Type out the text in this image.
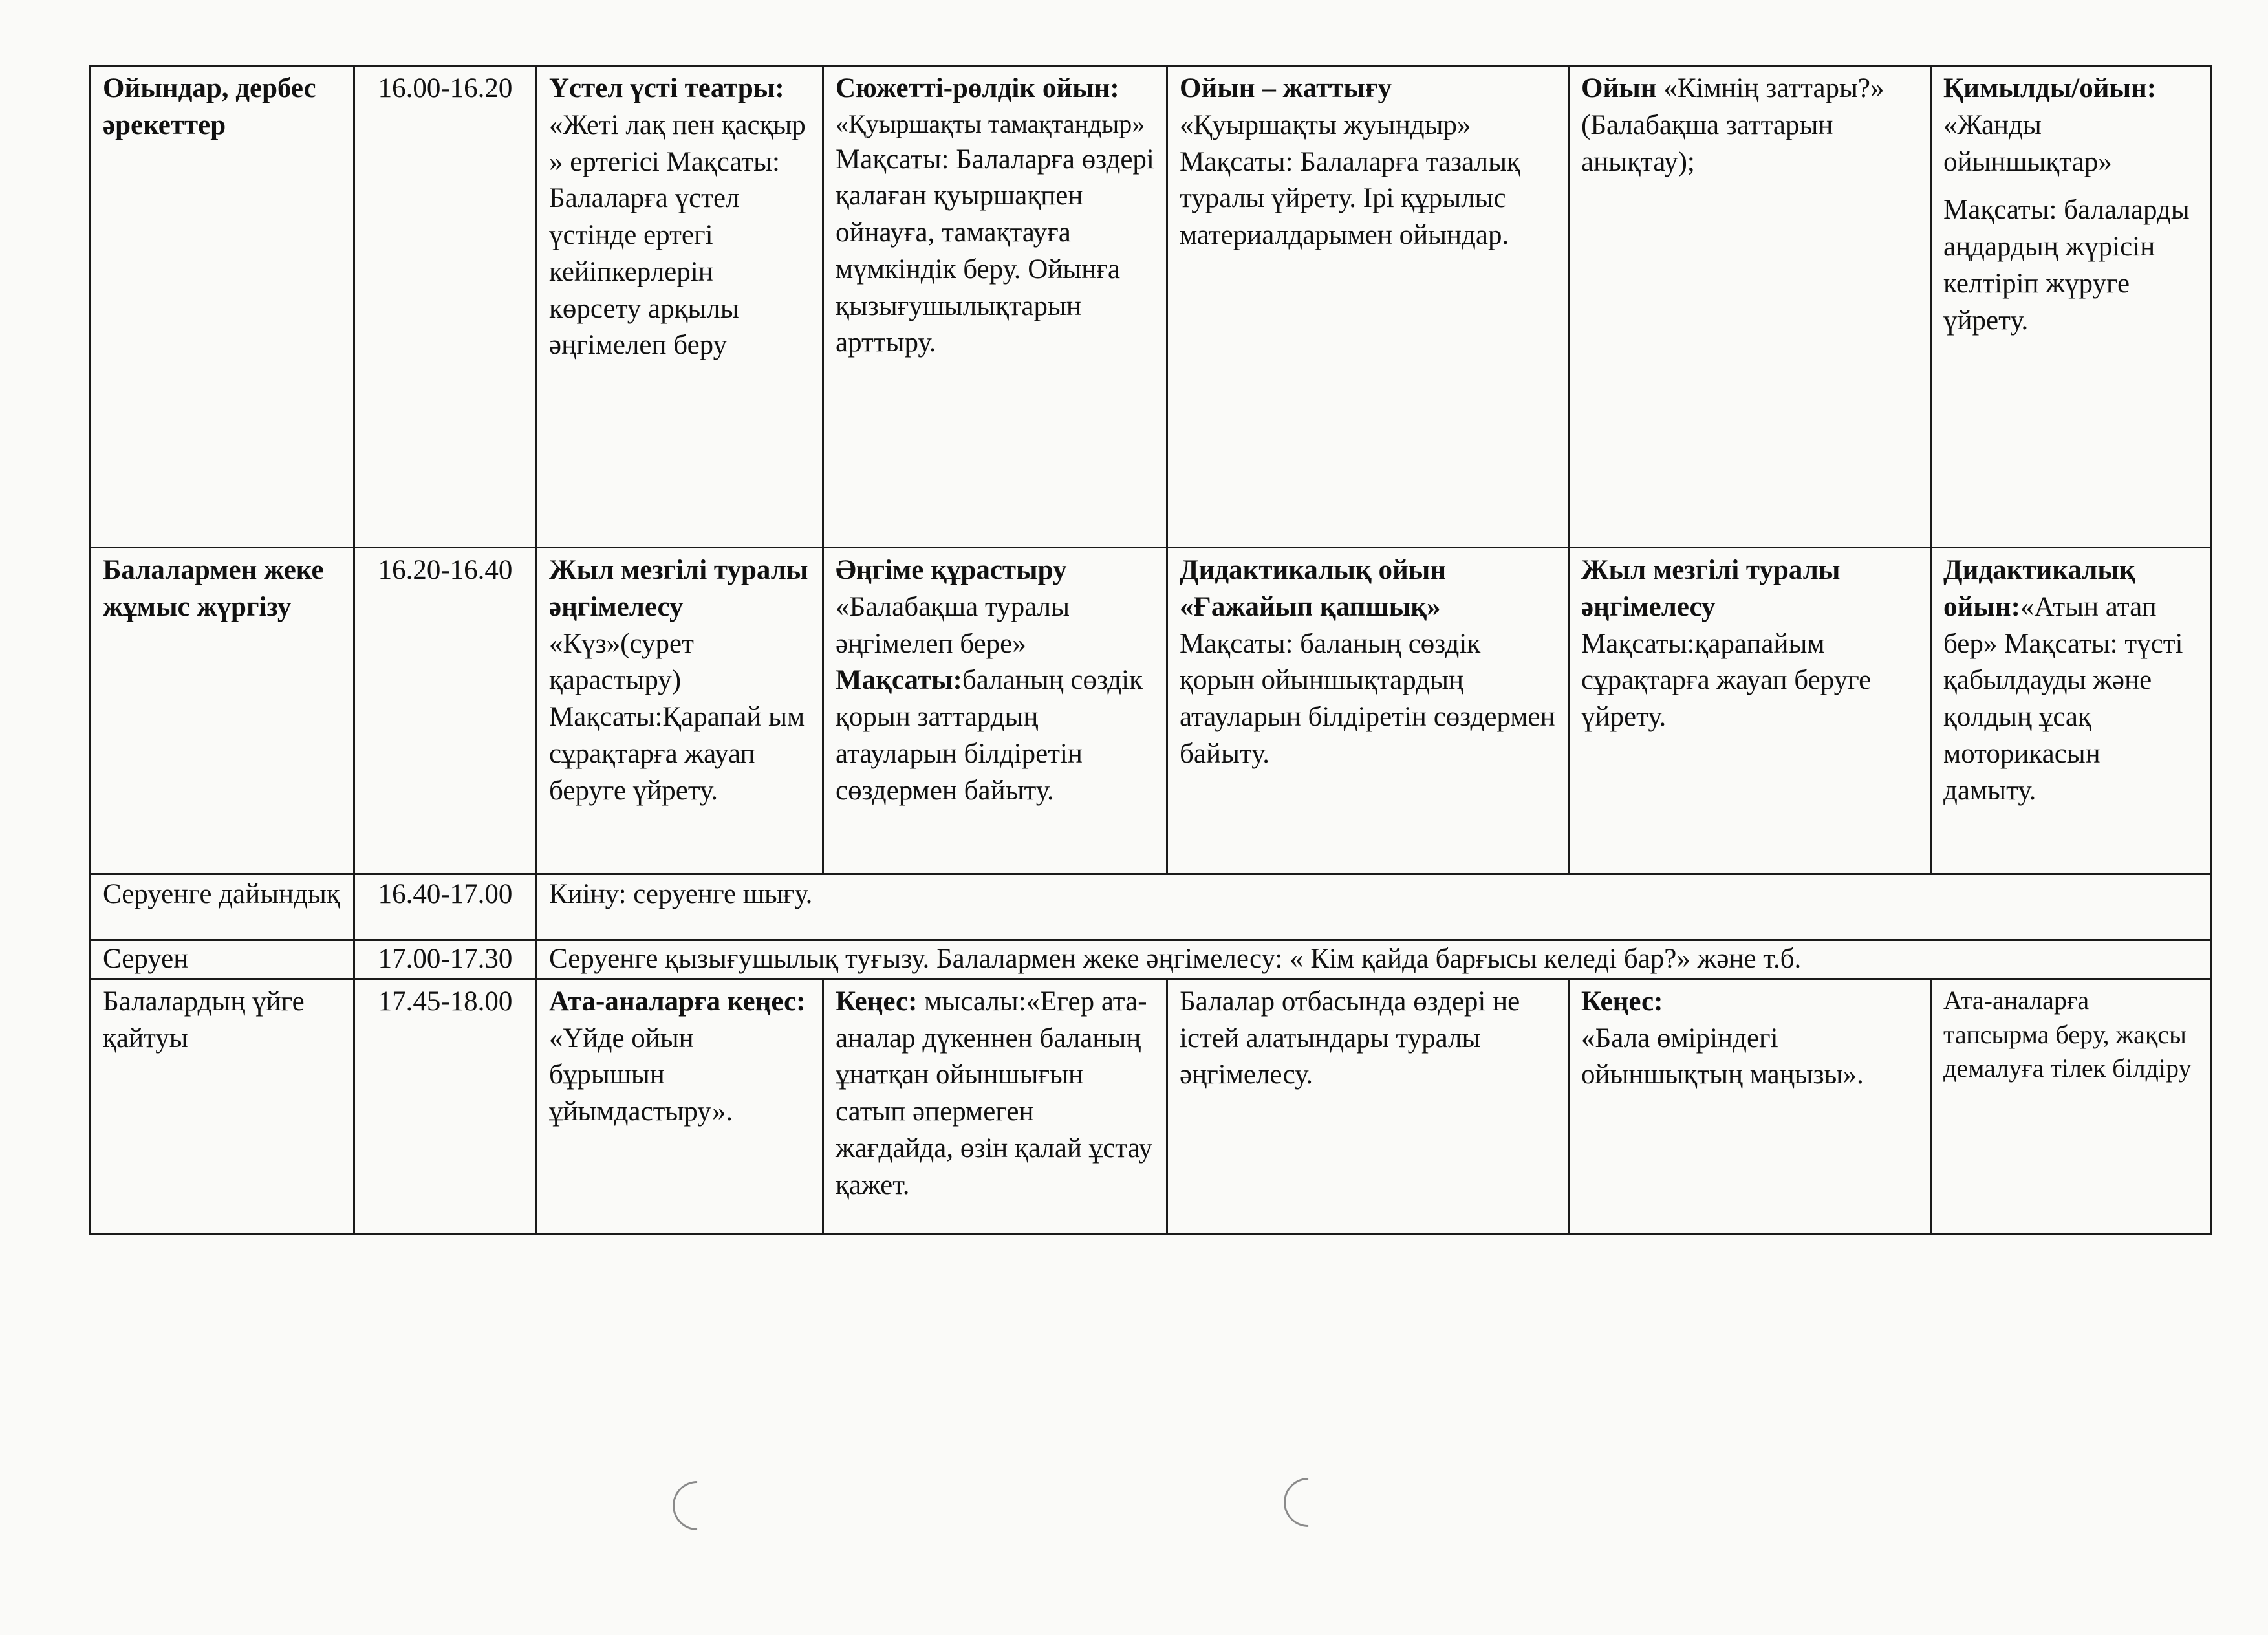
Ойындар, дербес әрекеттер	16.00-16.20	Үстел үсті театры:
«Жеті лақ пен қасқыр » ертегісі Мақсаты: Балаларға үстел үстінде ертегі кейіпкерлерін көрсету арқылы әңгімелеп беру	Сюжетті-рөлдік ойын:
«Қуыршақты тамақтандыр»
Мақсаты: Балаларға өздері қалаған қуыршақпен ойнауға, тамақтауға мүмкіндік беру. Ойынға қызығушылықтарын арттыру.	Ойын – жаттығу
«Қуыршақты жуындыр» Мақсаты: Балаларға тазалық туралы үйрету. Ірі құрылыс материалдарымен ойындар.	Ойын «Кімнің заттары?» (Балабақша заттарын анықтау);	Қимылды/ойын:
«Жанды ойыншықтар»
Мақсаты: балаларды аңдардың жүрісін келтіріп жүруге үйрету.

Балалармен жеке жұмыс жүргізу	16.20-16.40	Жыл мезгілі туралы әңгімелесу
«Күз»(сурет қарастыру) Мақсаты:Қарапай ым сұрақтарға жауап беруге үйрету.	Әңгіме құрастыру
«Балабақша туралы әңгімелеп бере»
Мақсаты:баланың сөздік қорын заттардың атауларын білдіретін сөздермен байыту.	Дидактикалық ойын «Ғажайып қапшық»
Мақсаты: баланың сөздік қорын ойыншықтардың атауларын білдіретін сөздермен байыту.	Жыл мезгілі туралы әңгімелесу
Мақсаты:қарапайым сұрақтарға жауап беруге үйрету.	Дидактикалық ойын:«Атын атап бер» Мақсаты: түсті қабылдауды және қолдың ұсақ моторикасын дамыту.
Серуенге дайындық	16.40-17.00	Киіну: серуенге шығу.				
Серуен	17.00-17.30	Серуенге қызығушылық туғызу. Балалармен жеке әңгімелесу: « Кім қайда барғысы келеді бар?» және т.б.				
Балалардың үйге қайтуы	17.45-18.00	Ата-аналарға кеңес:
«Үйде ойын бұрышын ұйымдастыру».	Кеңес: мысалы:«Егер ата-аналар дүкеннен баланың ұнатқан ойыншығын сатып әпермеген жағдайда, өзін қалай ұстау қажет.	Балалар отбасында өздері не істей алатындары туралы әңгімелесу.	Кеңес:
«Бала өміріндегі ойыншықтың маңызы».	Ата-аналарға тапсырма беру, жақсы демалуға тілек білдіру
